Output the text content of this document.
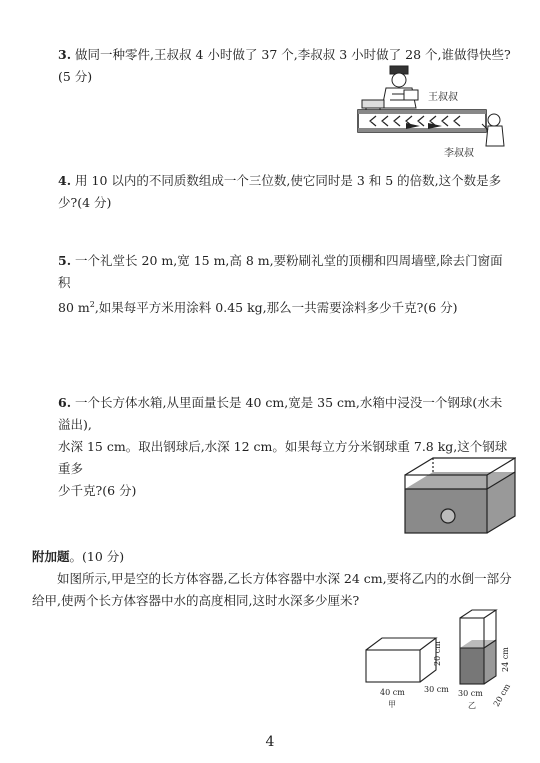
3. 做同一种零件,王叔叔 4 小时做了 37 个,李叔叔 3 小时做了 28 个,谁做得快些?(5 分)
王叔叔
李叔叔
4. 用 10 以内的不同质数组成一个三位数,使它同时是 3 和 5 的倍数,这个数是多少?(4 分)
5. 一个礼堂长 20 m,宽 15 m,高 8 m,要粉刷礼堂的顶棚和四周墙壁,除去门窗面积
80 $m^2$,如果每平方米用涂料 0.45 kg,那么一共需要涂料多少千克?(6 分)
6. 一个长方体水箱,从里面量长是 40 cm,宽是 35 cm,水箱中浸没一个钢球(水未溢出),
水深 15 cm。取出钢球后,水深 12 cm。如果每立方分米钢球重 7.8 kg,这个钢球重多
少千克?(6 分)
附加题。(10 分)
如图所示,甲是空的长方体容器,乙长方体容器中水深 24 cm,要将乙内的水倒一部分给甲,使两个长方体容器中水的高度相同,这时水深多少厘米?
20 cm
40 cm 30 cm
甲
24 cm
20 cm
30 cm
乙
4
